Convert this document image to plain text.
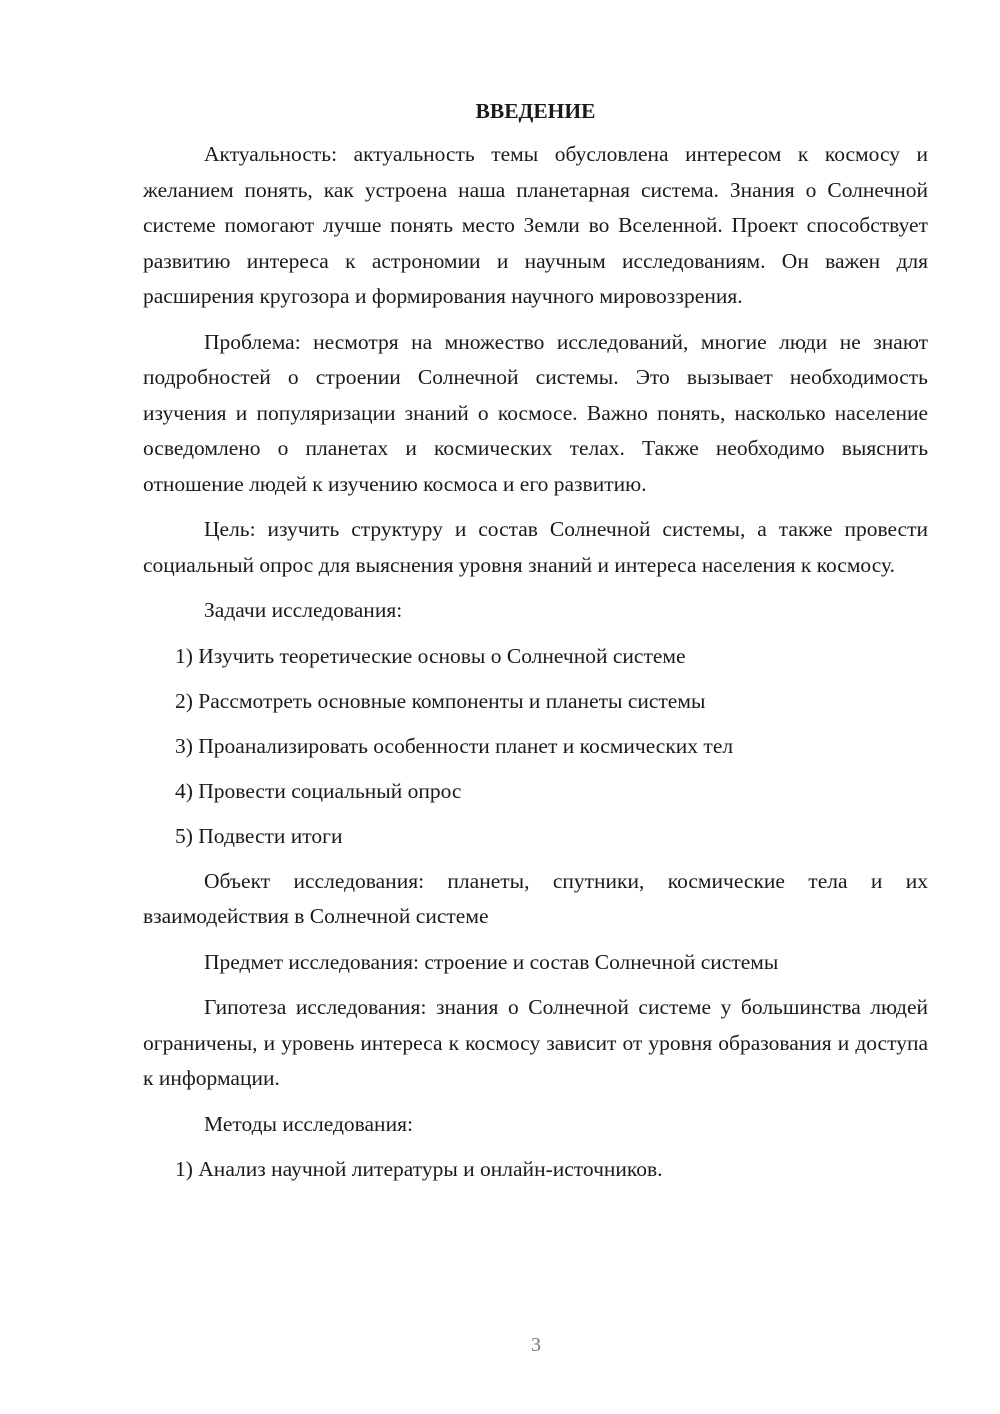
ВВЕДЕНИЕ

Актуальность: актуальность темы обусловлена интересом к космосу и желанием понять, как устроена наша планетарная система. Знания о Солнечной системе помогают лучше понять место Земли во Вселенной. Проект способствует развитию интереса к астрономии и научным исследованиям. Он важен для расширения кругозора и формирования научного мировоззрения.

Проблема: несмотря на множество исследований, многие люди не знают подробностей о строении Солнечной системы. Это вызывает необходимость изучения и популяризации знаний о космосе. Важно понять, насколько население осведомлено о планетах и космических телах. Также необходимо выяснить отношение людей к изучению космоса и его развитию.

Цель: изучить структуру и состав Солнечной системы, а также провести социальный опрос для выяснения уровня знаний и интереса населения к космосу.

Задачи исследования:

1) Изучить теоретические основы о Солнечной системе
2) Рассмотреть основные компоненты и планеты системы
3) Проанализировать особенности планет и космических тел
4) Провести социальный опрос
5) Подвести итоги

Объект исследования: планеты, спутники, космические тела и их взаимодействия в Солнечной системе

Предмет исследования: строение и состав Солнечной системы

Гипотеза исследования: знания о Солнечной системе у большинства людей ограничены, и уровень интереса к космосу зависит от уровня образования и доступа к информации.

Методы исследования:

1) Анализ научной литературы и онлайн-источников.
3
